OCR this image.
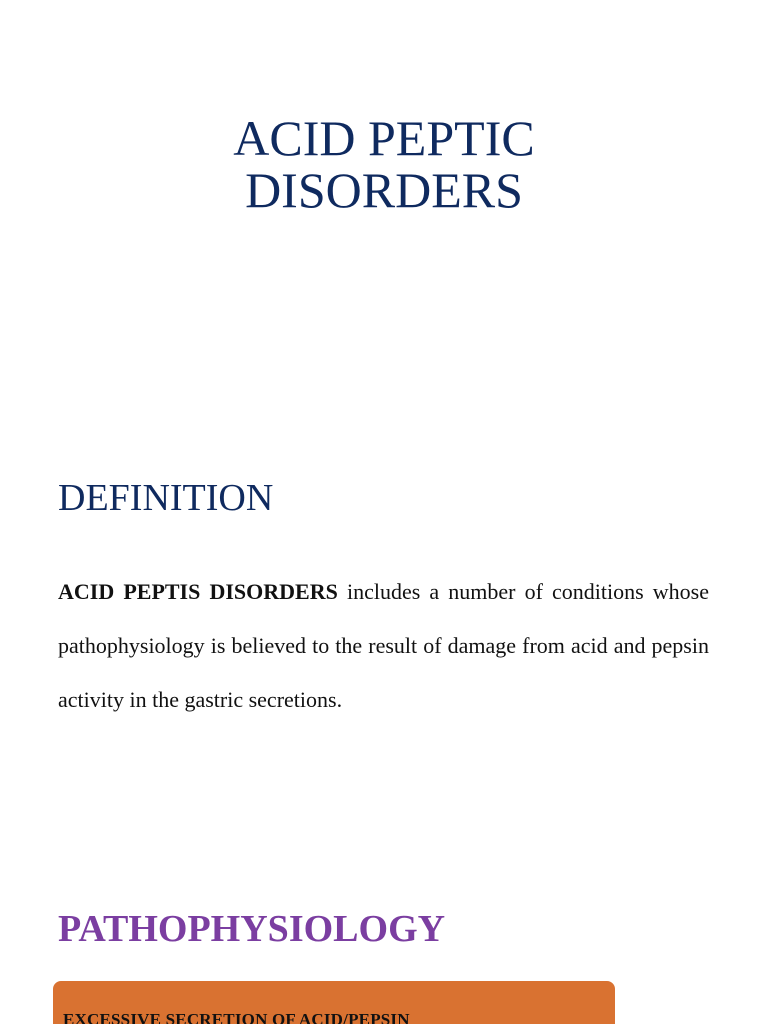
ACID PEPTIC
DISORDERS
DEFINITION
ACID PEPTIS DISORDERS includes a number of conditions whose pathophysiology is believed to the result of damage from acid and pepsin activity in the gastric secretions.
PATHOPHYSIOLOGY
EXCESSIVE SECRETION OF ACID/PEPSIN
